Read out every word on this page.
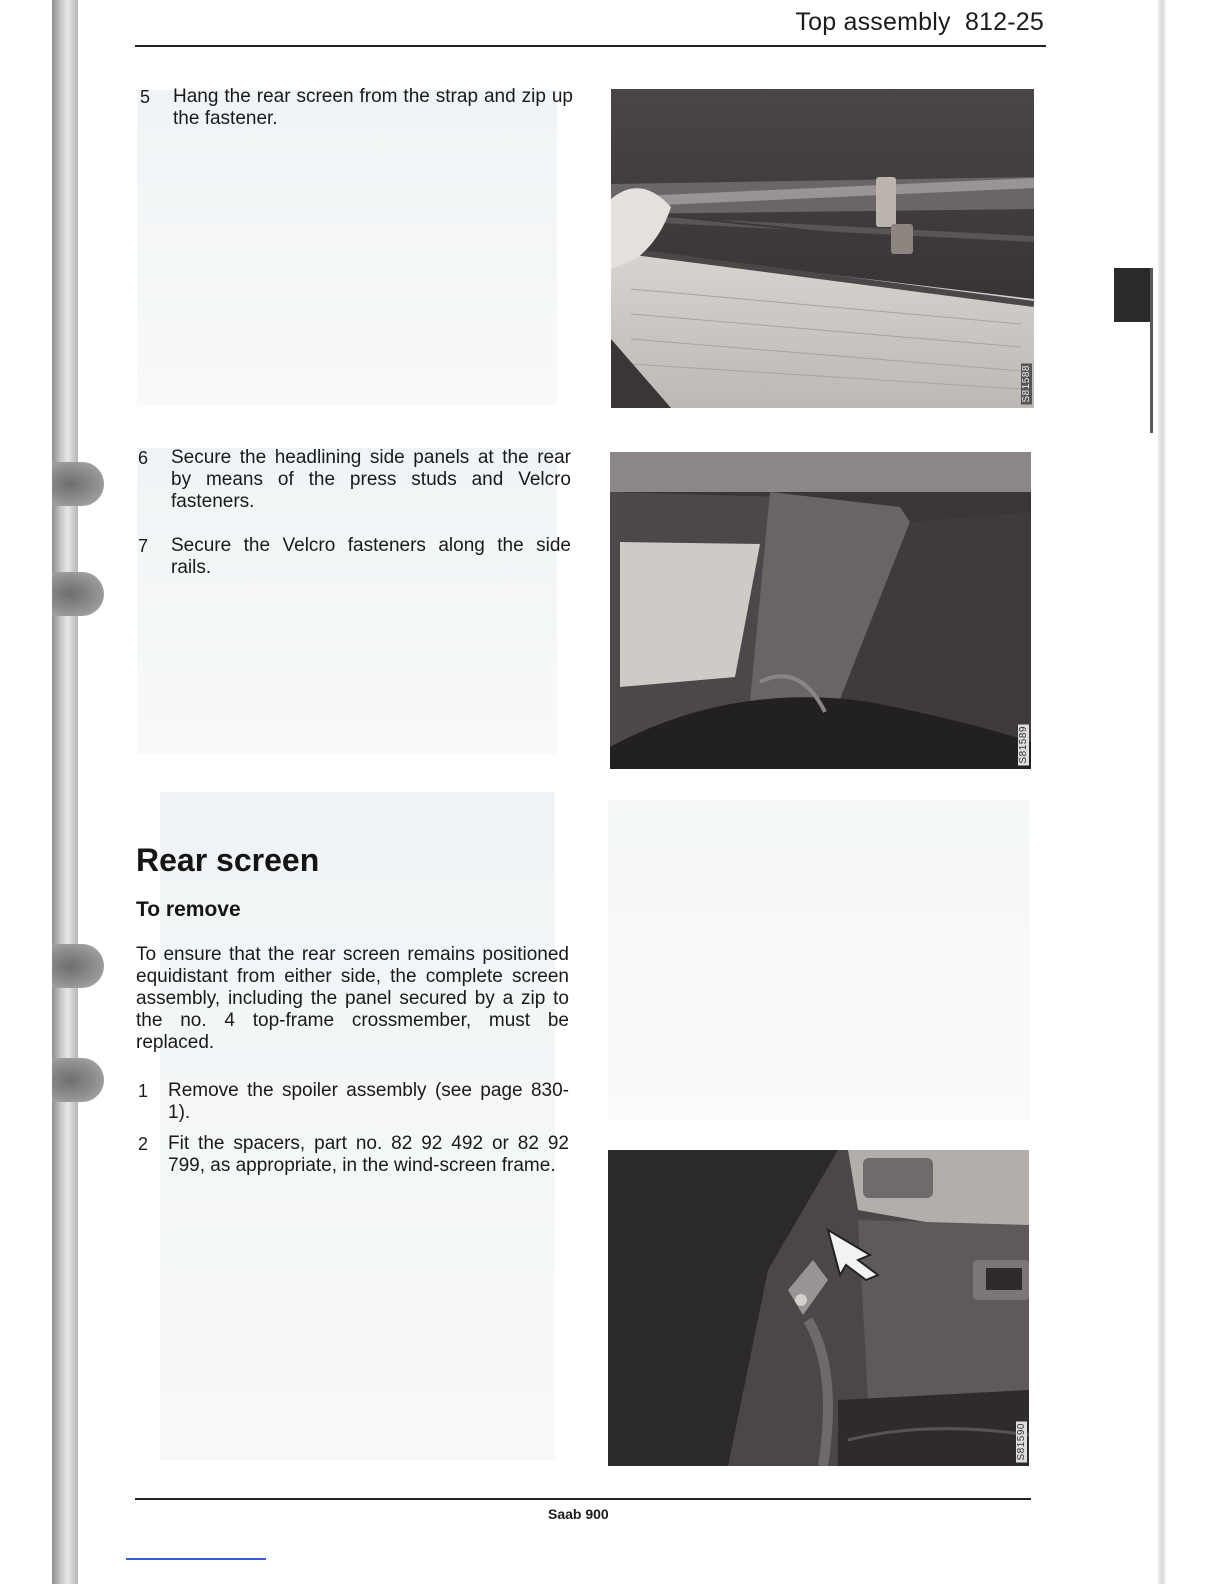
Top assembly  812-25
5 Hang the rear screen from the strap and zip up the fastener.
6 Secure the headlining side panels at the rear by means of the press studs and Velcro fasteners.
7 Secure the Velcro fasteners along the side rails.
Rear screen
To remove
To ensure that the rear screen remains positioned equidistant from either side, the complete screen assembly, including the panel secured by a zip to the no. 4 top-frame crossmember, must be replaced.
1 Remove the spoiler assembly (see page 830-1).
2 Fit the spacers, part no. 82 92 492 or 82 92 799, as appropriate, in the wind-screen frame.
S81588
S81589
S81590
Saab 900
